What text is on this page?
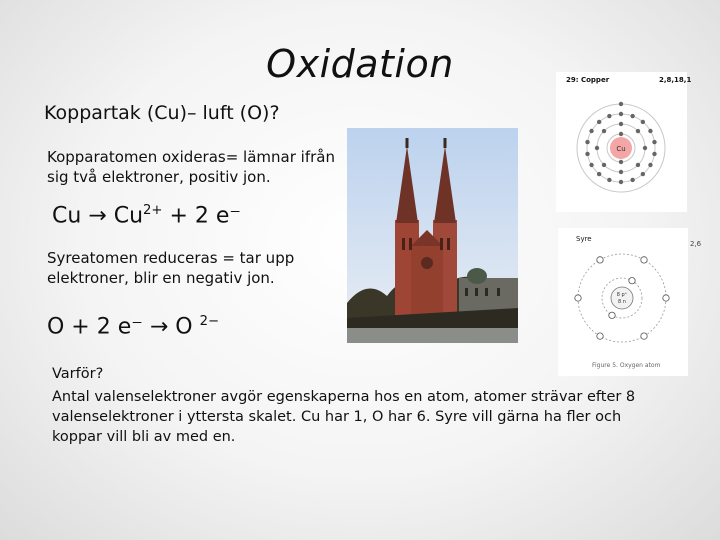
Oxidation
Koppartak (Cu)– luft (O)?
Kopparatomen oxideras= lämnar ifrån sig två elektroner, positiv jon.
$Cu \to Cu^{2+} + 2$ e⁻
Syreatomen reduceras = tar upp elektroner, blir en negativ jon.
O + 2 e⁻ → O $^{2-}$
Varför?
Antal valenselektroner avgör egenskaperna hos en atom, atomer strävar efter 8 valenselektroner i yttersta skalet. Cu har 1, O har 6. Syre vill gärna ha fler och koppar vill bli av med en.
Cu
29: Copper	2,8,18,1
8 p⁺
8 n
Syre
2,6
Figure 5. Oxygen atom
